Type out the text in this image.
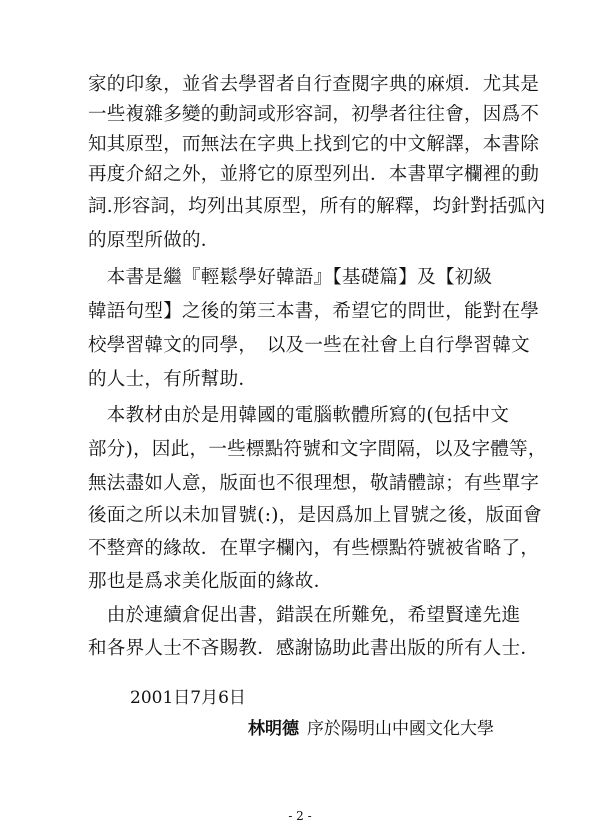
家的印象，並省去學習者自行查閱字典的麻煩．尤其是
一些複雜多變的動詞或形容詞，初學者往往會，因爲不
知其原型，而無法在字典上找到它的中文解譯，本書除
再度介紹之外，並將它的原型列出．本書單字欄裡的動
詞.形容詞，均列出其原型，所有的解釋，均針對括弧內
的原型所做的．
　本書是繼『輕鬆學好韓語』【基礎篇】及【初級
韓語句型】之後的第三本書，希望它的問世，能對在學
校學習韓文的同學，　以及一些在社會上自行學習韓文
的人士，有所幫助．
　本教材由於是用韓國的電腦軟體所寫的(包括中文
部分)，因此，一些標點符號和文字間隔，以及字體等，
無法盡如人意，版面也不很理想，敬請體諒；有些單字
後面之所以未加冒號(:)，是因爲加上冒號之後，版面會
不整齊的緣故．在單字欄內，有些標點符號被省略了，
那也是爲求美化版面的緣故．
　由於連續倉促出書，錯誤在所難免，希望賢達先進
和各界人士不吝賜教．感謝協助此書出版的所有人士．
2001日7月6日
林明德 序於陽明山中國文化大學
- 2 -
